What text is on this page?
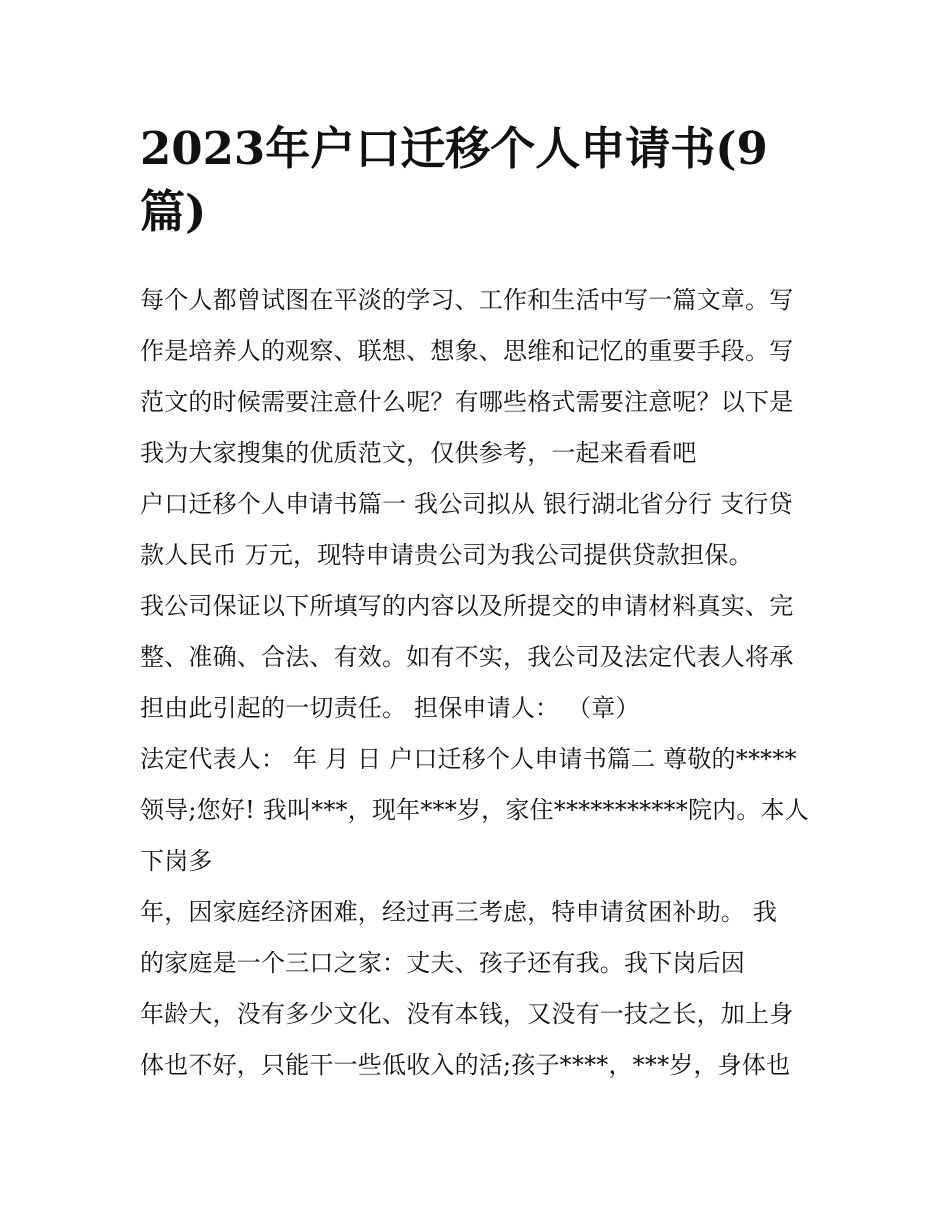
2023年户口迁移个人申请书(9篇)
每个人都曾试图在平淡的学习、工作和生活中写一篇文章。写
作是培养人的观察、联想、想象、思维和记忆的重要手段。写
范文的时候需要注意什么呢？有哪些格式需要注意呢？以下是
我为大家搜集的优质范文，仅供参考，一起来看看吧
户口迁移个人申请书篇一 我公司拟从 银行湖北省分行 支行贷
款人民币 万元，现特申请贵公司为我公司提供贷款担保。
我公司保证以下所填写的内容以及所提交的申请材料真实、完
整、准确、合法、有效。如有不实，我公司及法定代表人将承
担由此引起的一切责任。 担保申请人： （章）
法定代表人： 年 月 日 户口迁移个人申请书篇二 尊敬的*****
领导;您好! 我叫***，现年***岁，家住***********院内。本人
下岗多
年，因家庭经济困难，经过再三考虑，特申请贫困补助。 我
的家庭是一个三口之家：丈夫、孩子还有我。我下岗后因
年龄大，没有多少文化、没有本钱，又没有一技之长，加上身
体也不好，只能干一些低收入的活;孩子****，***岁，身体也
